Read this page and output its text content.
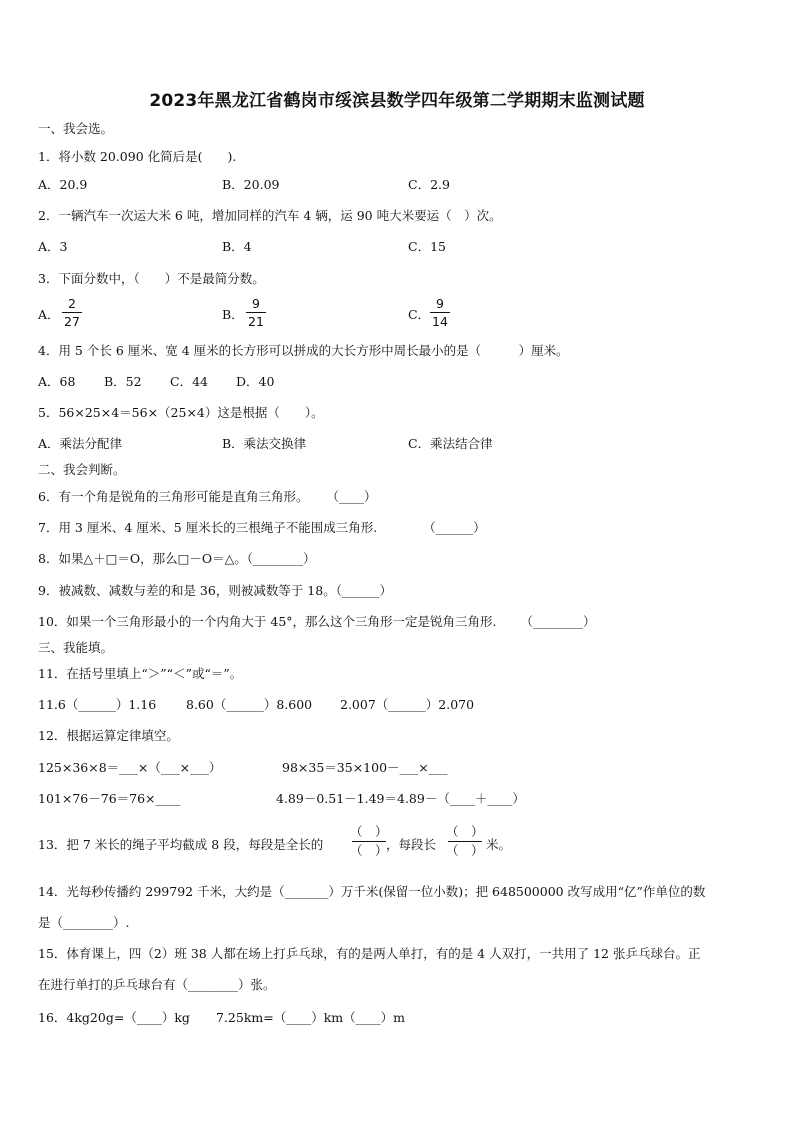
2023年黑龙江省鹤岗市绥滨县数学四年级第二学期期末监测试题
一、我会选。
1．将小数 20.090 化简后是(　　).
A．20.9	B．20.09	C．2.9
2．一辆汽车一次运大米 6 吨，增加同样的汽车 4 辆，运 90 吨大米要运（　）次。
A．3	B．4	C．15
3．下面分数中，（　　）不是最简分数。
A．
2
27	B．
9
21	C．
9
14
4．用 5 个长 6 厘米、宽 4 厘米的长方形可以拼成的大长方形中周长最小的是（　　　）厘米。
A．68 B．52 C．44 D．40
5．56×25×4＝56×（25×4）这是根据（　　）。
A．乘法分配律	B．乘法交换律	C．乘法结合律
二、我会判断。
6．有一个角是锐角的三角形可能是直角三角形。 （____）
7．用 3 厘米、4 厘米、5 厘米长的三根绳子不能围成三角形.	（______）
8．如果△＋□＝O，那么□－O＝△。（________）
9．被减数、减数与差的和是 36，则被减数等于 18。（______）
10．如果一个三角形最小的一个内角大于 45°，那么这个三角形一定是锐角三角形. （________）
三、我能填。
11．在括号里填上“＞”“＜”或“＝”。
11.6（______）1.16 8.60（______）8.600 2.007（______）2.070
12．根据运算定律填空。
125×36×8＝___×（___×___）	98×35＝35×100－___×___
101×76－76＝76×____	4.89－0.51－1.49＝4.89－（____＋____）
13．把 7 米长的绳子平均截成 8 段，每段是全长的
（　）
（　）
，每段长
（　）
（　） 米。
14．光每秒传播约 299792 千米，大约是（_______）万千米(保留一位小数)；把 648500000 改写成用“亿”作单位的数
是（________）.
15．体育课上，四（2）班 38 人都在场上打乒乓球，有的是两人单打，有的是 4 人双打，一共用了 12 张乒乓球台。正
在进行单打的乒乓球台有（________）张。
16．4kg20g=（____）kg 7.25km=（____）km（____）m
